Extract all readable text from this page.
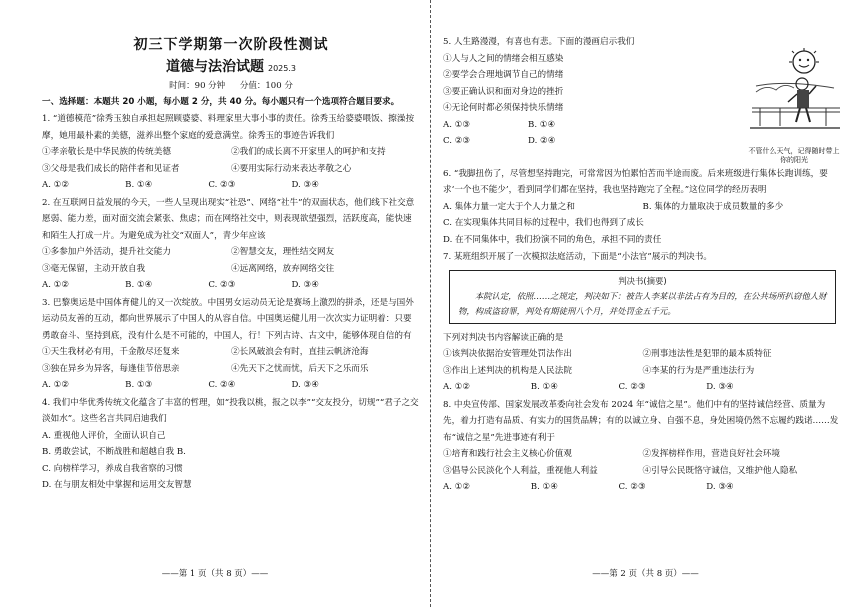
初三下学期第一次阶段性测试
道德与法治试题 2025.3
时间：90 分钟 分值：100 分
一、选择题：本题共 20 小题，每小题 2 分，共 40 分。每小题只有一个选项符合题目要求。
1. “道德模范”徐秀玉独自承担起照顾婆婆、料理家里大事小事的责任。徐秀玉给婆婆喂饭、擦澡按摩，她用最朴素的美德，滋养出整个家庭的爱意满堂。徐秀玉的事迹告诉我们
①孝亲敬长是中华民族的传统美德	②我们的成长离不开家里人的呵护和支持
③父母是我们成长的陪伴者和见证者	④要用实际行动来表达孝敬之心
A. ①②	B. ①④	C. ②③	D. ③④
2. 在互联网日益发展的今天，一些人呈现出现实“社恐”、网络“社牛”的双面状态，他们线下社交意愿弱、能力差，面对面交流会紧张、焦虑；而在网络社交中，则表现欲望强烈，活跃度高，能快速和陌生人打成一片。为避免成为社交“双面人”，青少年应该
①多参加户外活动，提升社交能力	②智慧交友，理性结交网友
③毫无保留，主动开放自我	④远离网络，放弃网络交往
A. ①②	B. ①④	C. ②③	D. ③④
3. 巴黎奥运是中国体育健儿的又一次绽放。中国男女运动员无论是赛场上激烈的拼杀，还是与国外运动员友善的互动，都向世界展示了中国人的从容自信。中国奥运健儿用一次次实力证明着：只要勇敢奋斗、坚持到底，没有什么是不可能的，中国人，行！下列古诗、古文中，能够体现自信的有
①天生我材必有用，千金散尽还复来	②长风破浪会有时，直挂云帆济沧海
③独在异乡为异客，每逢佳节倍思亲	④先天下之忧而忧，后天下之乐而乐
A. ①②	B. ①③	C. ②④	D. ③④
4. 我们中华优秀传统文化蕴含了丰富的哲理，如“投我以桃，报之以李”“交友投分，切规”“君子之交淡如水”。这些名言共同启迪我们
A. 重视他人评价，全面认识自己
B. 勇敢尝试，不断战胜和超越自我 B.
C. 向榜样学习，养成自我省察的习惯
D. 在与朋友相处中掌握和运用交友智慧
——第 1 页（共 8 页）——
5. 人生路漫漫，有喜也有悲。下面的漫画启示我们
①人与人之间的情绪会相互感染
②要学会合理地调节自己的情绪
③要正确认识和面对身边的挫折
④无论何时都必须保持快乐情绪
A. ①③	B. ①④
C. ②③	D. ②④
不管什么天气，记得随时带上你的阳光
6. “我脚扭伤了，尽管想坚持跑完，可常常因为怕累怕苦而半途而废。后来班级进行集体长跑训练，要求‘一个也不能少’，看到同学们都在坚持，我也坚持跑完了全程。”这位同学的经历表明
A. 集体力量一定大于个人力量之和	B. 集体的力量取决于成员数量的多少
C. 在实现集体共同目标的过程中，我们也得到了成长
D. 在不同集体中，我们扮演不同的角色，承担不同的责任
7. 某班组织开展了一次模拟法庭活动，下面是“小法官”展示的判决书。
判决书(摘要)
本院认定，依照……之规定，判决如下：被告人李某以非法占有为目的，在公共场所扒窃他人财物，构成盗窃罪，判处有期徒刑八个月，并处罚金五千元。
下列对判决书内容解读正确的是
①该判决依据治安管理处罚法作出	②刑事违法性是犯罪的最本质特征
③作出上述判决的机构是人民法院	④李某的行为是严重违法行为
A. ①②	B. ①④	C. ②③	D. ③④
8. 中央宣传部、国家发展改革委向社会发布 2024 年“诚信之星”。他们中有的坚持诚信经营、质量为先，着力打造有品质、有实力的国货品牌；有的以诚立身、自强不息，身处困境仍然不忘履约践诺……发布“诚信之星”先进事迹有利于
①培育和践行社会主义核心价值观	②发挥榜样作用，营造良好社会环境
③倡导公民淡化个人利益，重视他人利益	④引导公民既恪守诚信，又维护他人隐私
A. ①②	B. ①④	C. ②③	D. ③④
——第 2 页（共 8 页）——
